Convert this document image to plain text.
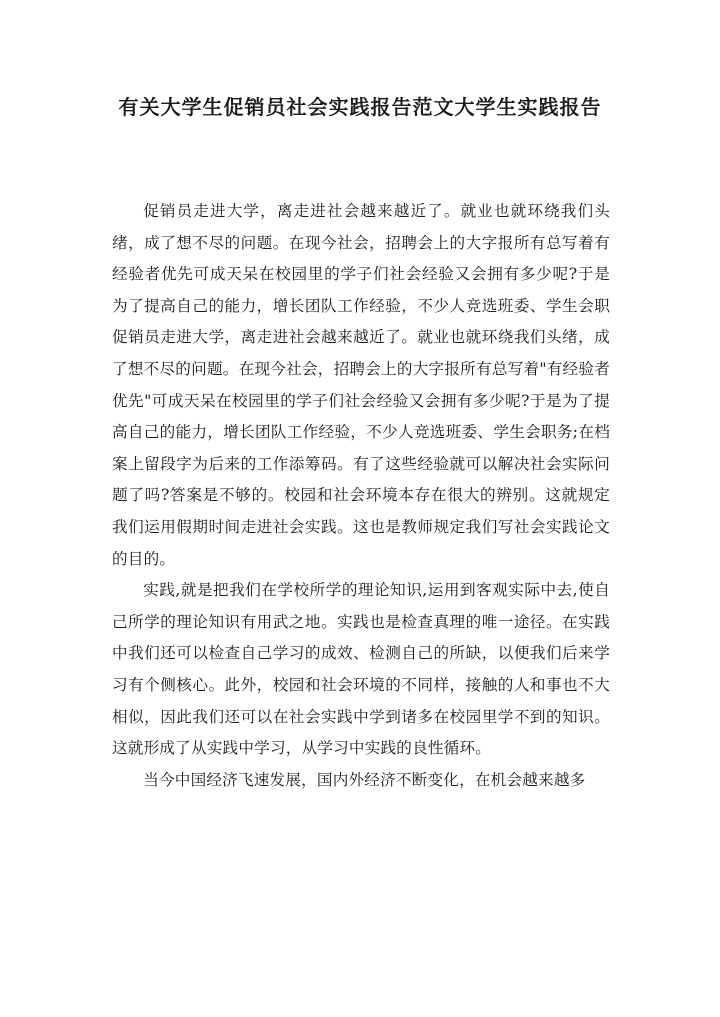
有关大学生促销员社会实践报告范文大学生实践报告

促销员走进大学，离走进社会越来越近了。就业也就环绕我们头绪，成了想不尽的问题。在现今社会，招聘会上的大字报所有总写着有经验者优先可成天呆在校园里的学子们社会经验又会拥有多少呢?于是为了提高自己的能力，增长团队工作经验，不少人竞选班委、学生会职促销员走进大学，离走进社会越来越近了。就业也就环绕我们头绪，成了想不尽的问题。在现今社会，招聘会上的大字报所有总写着"有经验者优先"可成天呆在校园里的学子们社会经验又会拥有多少呢?于是为了提高自己的能力，增长团队工作经验，不少人竞选班委、学生会职务;在档案上留段字为后来的工作添筹码。有了这些经验就可以解决社会实际问题了吗?答案是不够的。校园和社会环境本存在很大的辨别。这就规定我们运用假期时间走进社会实践。这也是教师规定我们写社会实践论文的目的。

实践,就是把我们在学校所学的理论知识,运用到客观实际中去,使自己所学的理论知识有用武之地。实践也是检查真理的唯一途径。在实践中我们还可以检查自己学习的成效、检测自己的所缺，以便我们后来学习有个侧核心。此外，校园和社会环境的不同样，接触的人和事也不大相似，因此我们还可以在社会实践中学到诸多在校园里学不到的知识。这就形成了从实践中学习，从学习中实践的良性循环。

当今中国经济飞速发展，国内外经济不断变化，在机会越来越多
